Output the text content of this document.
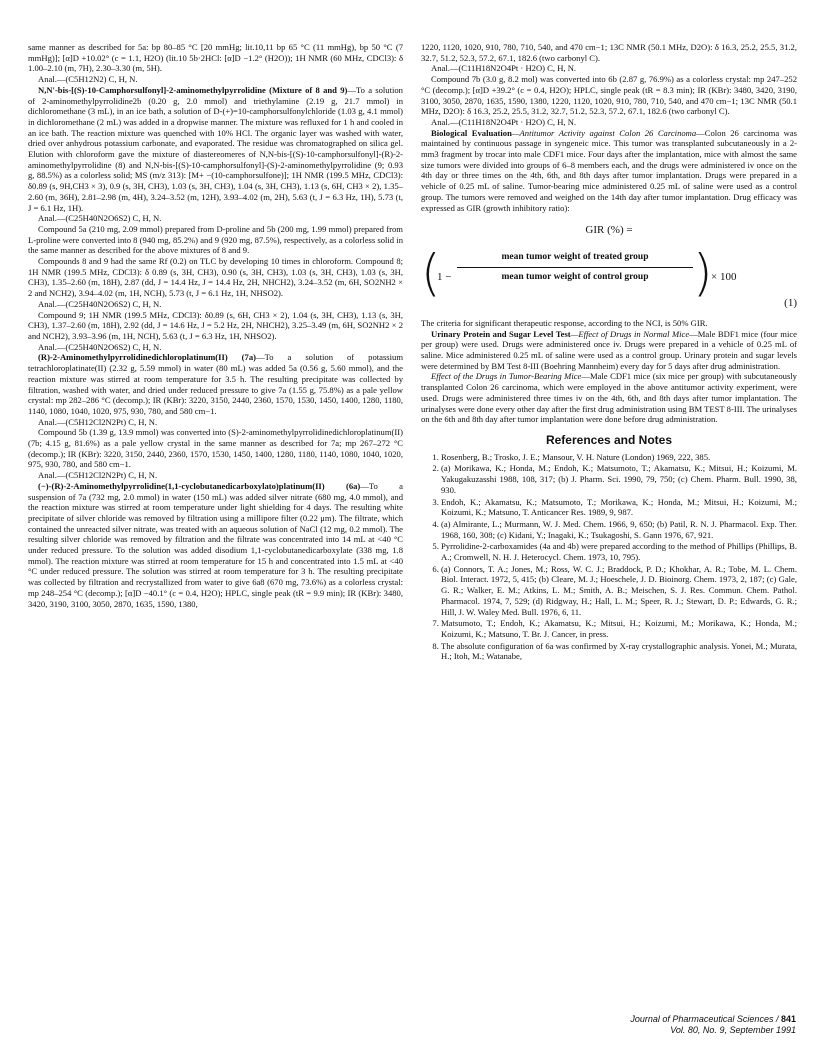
same manner as described for 5a: bp 80–85 °C [20 mmHg; lit.10,11 bp 65 °C (11 mmHg), bp 50 °C (7 mmHg)]; [α]D +10.02° (c = 1.1, H2O) (lit.10 5b·2HCl: [α]D −1.2° (H2O)); 1H NMR (60 MHz, CDCl3): δ 1.00–2.10 (m, 7H), 2.30–3.30 (m, 5H).

Anal.—(C5H12N2) C, H, N.

N,N'-bis-[(S)-10-Camphorsulfonyl]-2-aminomethylpyrrolidine (Mixture of 8 and 9)—To a solution of 2-aminomethylpyrrolidine2b (0.20 g, 2.0 mmol) and triethylamine (2.19 g, 21.7 mmol) in dichloromethane (3 mL), in an ice bath, a solution of D-(+)=10-camphorsulfonylchloride (1.03 g, 4.1 mmol) in dichloromethane (2 mL) was added in a dropwise manner. The mixture was refluxed for 1 h and cooled in an ice bath. The reaction mixture was quenched with 10% HCl. The organic layer was washed with water, dried over anhydrous potassium carbonate, and evaporated. The residue was chromatographed on silica gel. Elution with chloroform gave the mixture of diastereomeres of N,N-bis-[(S)-10-camphorsulfonyl]-(R)-2-aminomethylpyrrolidine (8) and N,N-bis-[(S)-10-camphorsulfonyl]-(S)-2-aminomethylpyrrolidine (9; 0.93 g, 88.5%) as a colorless solid; MS (m/z 313): [M+ −(10-camphorsulfone)]; 1H NMR (199.5 MHz, CDCl3): δ0.89 (s, 9H,CH3 × 3), 0.9 (s, 3H, CH3), 1.03 (s, 3H, CH3), 1.04 (s, 3H, CH3), 1.13 (s, 6H, CH3 × 2), 1.35–2.60 (m, 36H), 2.81–2.98 (m, 4H), 3.24–3.52 (m, 12H), 3.93–4.02 (m, 2H), 5.63 (t, J = 6.3 Hz, 1H), 5.73 (t, J = 6.1 Hz, 1H).

Anal.—(C25H40N2O6S2) C, H, N.

Compound 5a (210 mg, 2.09 mmol) prepared from D-proline and 5b (200 mg, 1.99 mmol) prepared from L-proline were converted into 8 (940 mg, 85.2%) and 9 (920 mg, 87.5%), respectively, as a colorless solid in the same manner as described for the above mixtures of 8 and 9.

Compounds 8 and 9 had the same Rf (0.2) on TLC by developing 10 times in chloroform. Compound 8; 1H NMR (199.5 MHz, CDCl3): δ 0.89 (s, 3H, CH3), 0.90 (s, 3H, CH3), 1.03 (s, 3H, CH3), 1.03 (s, 3H, CH3), 1.35–2.60 (m, 18H), 2.87 (dd, J = 14.4 Hz, J = 14.4 Hz, 2H, NHCH2), 3.24–3.52 (m, 6H, SO2NH2 × 2 and NCH2), 3.94–4.02 (m, 1H, NCH), 5.73 (t, J = 6.1 Hz, 1H, NHSO2).

Anal.—(C25H40N2O6S2) C, H, N.

Compound 9; 1H NMR (199.5 MHz, CDCl3): δ0.89 (s, 6H, CH3 × 2), 1.04 (s, 3H, CH3), 1.13 (s, 3H, CH3), 1.37–2.60 (m, 18H), 2.92 (dd, J = 14.6 Hz, J = 5.2 Hz, 2H, NHCH2), 3.25–3.49 (m, 6H, SO2NH2 × 2 and NCH2), 3.93–3.96 (m, 1H, NCH), 5.63 (t, J = 6.3 Hz, 1H, NHSO2).

Anal.—(C25H40N2O6S2) C, H, N.

(R)-2-Aminomethylpyrrolidinedichloroplatinum(II) (7a)—To a solution of potassium tetrachloroplatinate(II) (2.32 g, 5.59 mmol) in water (80 mL) was added 5a (0.56 g, 5.60 mmol), and the reaction mixture was stirred at room temperature for 3.5 h. The resulting precipitate was collected by filtration, washed with water, and dried under reduced pressure to give 7a (1.55 g, 75.8%) as a pale yellow crystal: mp 282–286 °C (decomp.); IR (KBr): 3220, 3150, 2440, 2360, 1570, 1530, 1450, 1400, 1280, 1180, 1140, 1080, 1040, 1020, 975, 930, 780, and 580 cm−1.

Anal.—(C5H12Cl2N2Pt) C, H, N.

Compound 5b (1.39 g, 13.9 mmol) was converted into (S)-2-aminomethylpyrrolidinedichloroplatinum(II) (7b; 4.15 g, 81.6%) as a pale yellow crystal in the same manner as described for 7a; mp 267–272 °C (decomp.); IR (KBr): 3220, 3150, 2440, 2360, 1570, 1530, 1450, 1400, 1280, 1180, 1140, 1080, 1040, 1020, 975, 930, 780, and 580 cm−1.

Anal.—(C5H12Cl2N2Pt) C, H, N.

(−)-(R)-2-Aminomethylpyrrolidine(1,1-cyclobutanedicarboxylato)platinum(II) (6a)—To a suspension of 7a (732 mg, 2.0 mmol) in water (150 mL) was added silver nitrate (680 mg, 4.0 mmol), and the reaction mixture was stirred at room temperature under light shielding for 4 days. The resulting white precipitate of silver chloride was removed by filtration using a millipore filter (0.22 μm). The filtrate, which contained the unreacted silver nitrate, was treated with an aqueous solution of NaCl (12 mg, 0.2 mmol). The resulting silver chloride was removed by filtration and the filtrate was concentrated into 14 mL at <40 °C under reduced pressure. To the solution was added disodium 1,1-cyclobutanedicarboxylate (338 mg, 1.8 mmol). The reaction mixture was stirred at room temperature for 15 h and concentrated into 1.5 mL at <40 °C under reduced pressure. The solution was stirred at room temperature for 3 h. The resulting precipitate was collected by filtration and recrystallized from water to give 6a8 (670 mg, 73.6%) as a colorless crystal: mp 248–254 °C (decomp.); [α]D −40.1° (c = 0.4, H2O); HPLC, single peak (tR = 9.9 min); IR (KBr): 3480, 3420, 3190, 3100, 3050, 2870, 1635, 1590, 1380,

1220, 1120, 1020, 910, 780, 710, 540, and 470 cm−1; 13C NMR (50.1 MHz, D2O): δ 16.3, 25.2, 25.5, 31.2, 32.7, 51.2, 52.3, 57.2, 67.1, 182.6 (two carbonyl C).

Anal.—(C11H18N2O4Pt · H2O) C, H, N.

Compound 7b (3.0 g, 8.2 mol) was converted into 6b (2.87 g, 76.9%) as a colorless crystal: mp 247–252 °C (decomp.); [α]D +39.2° (c = 0.4, H2O); HPLC, single peak (tR = 8.3 min); IR (KBr): 3480, 3420, 3190, 3100, 3050, 2870, 1635, 1590, 1380, 1220, 1120, 1020, 910, 780, 710, 540, and 470 cm−1; 13C NMR (50.1 MHz, D2O): δ 16.3, 25.2, 25.5, 31.2, 32.7, 51.2, 52.3, 57.2, 67.1, 182.6 (two carbonyl C).

Anal.—(C11H18N2O4Pt · H2O) C, H, N.

Biological Evaluation—Antitumor Activity against Colon 26 Carcinoma—Colon 26 carcinoma was maintained by continuous passage in syngeneic mice. This tumor was transplanted subcutaneously in a 2-mm3 fragment by trocar into male CDF1 mice. Four days after the implantation, mice with almost the same size tumors were divided into groups of 6–8 members each, and the drugs were administered iv once on the 4th day or three times on the 4th, 6th, and 8th days after tumor implantation. Drugs were prepared in a vehicle of 0.25 mL of saline. Tumor-bearing mice administered 0.25 mL of saline were used as a control group. The tumors were removed and weighed on the 14th day after tumor implantation. Drug efficacy was expressed as GIR (growth inhibitory ratio):

GIR (%) =
(
1 −
mean tumor weight of treated group
mean tumor weight of control group )
× 100
(1)

The criteria for significant therapeutic response, according to the NCI, is 50% GIR.

Urinary Protein and Sugar Level Test—Effect of Drugs in Normal Mice—Male BDF1 mice (four mice per group) were used. Drugs were administered once iv. Drugs were prepared in a vehicle of 0.25 mL of saline. Mice administered 0.25 mL of saline were used as a control group. Urinary protein and sugar levels were determined by BM Test 8-III (Boehring Mannheim) every day for 5 days after drug administration.

Effect of the Drugs in Tumor-Bearing Mice—Male CDF1 mice (six mice per group) with subcutaneously transplanted Colon 26 carcinoma, which were employed in the above antitumor activity experiment, were used. Drugs were administered three times iv on the 4th, 6th, and 8th days after tumor implantation. The urinalyses were done every other day after the first drug administration using BM TEST 8-III. The urinalyses on the 6th and 8th day after tumor implantation were done before drug administration.

References and Notes
1. Rosenberg, B.; Trosko, J. E.; Mansour, V. H. Nature (London) 1969, 222, 385.
2. (a) Morikawa, K.; Honda, M.; Endoh, K.; Matsumoto, T.; Akamatsu, K.; Mitsui, H.; Koizumi, M. Yakugakuzasshi 1988, 108, 317; (b) J. Pharm. Sci. 1990, 79, 750; (c) Chem. Pharm. Bull. 1990, 38, 930.
3. Endoh, K.; Akamatsu, K.; Matsumoto, T.; Morikawa, K.; Honda, M.; Mitsui, H.; Koizumi, M.; Koizumi, K.; Matsuno, T. Anticancer Res. 1989, 9, 987.
4. (a) Almirante, L.; Murmann, W. J. Med. Chem. 1966, 9, 650; (b) Patil, R. N. J. Pharmacol. Exp. Ther. 1968, 160, 308; (c) Kidani, Y.; Inagaki, K.; Tsukagoshi, S. Gann 1976, 67, 921.
5. Pyrrolidine-2-carboxamides (4a and 4b) were prepared according to the method of Phillips (Phillips, B. A.; Cromwell, N. H. J. Heterocycl. Chem. 1973, 10, 795).
6. (a) Connors, T. A.; Jones, M.; Ross, W. C. J.; Braddock, P. D.; Khokhar, A. R.; Tobe, M. L. Chem. Biol. Interact. 1972, 5, 415; (b) Cleare, M. J.; Hoeschele, J. D. Bioinorg. Chem. 1973, 2, 187; (c) Gale, G. R.; Walker, E. M.; Atkins, L. M.; Smith, A. B.; Meischen, S. J. Res. Commun. Chem. Pathol. Pharmacol. 1974, 7, 529; (d) Ridgway, H.; Hall, L. M.; Speer, R. J.; Stewart, D. P.; Edwards, G. R.; Hill, J. W. Waley Med. Bull. 1976, 6, 11.
7. Matsumoto, T.; Endoh, K.; Akamatsu, K.; Mitsui, H.; Koizumi, M.; Morikawa, K.; Honda, M.; Koizumi, K.; Matsuno, T. Br. J. Cancer, in press.
8. The absolute configuration of 6a was confirmed by X-ray crystallographic analysis. Yonei, M.; Murata, H.; Itoh, M.; Watanabe,
Journal of Pharmaceutical Sciences / 841
Vol. 80, No. 9, September 1991
